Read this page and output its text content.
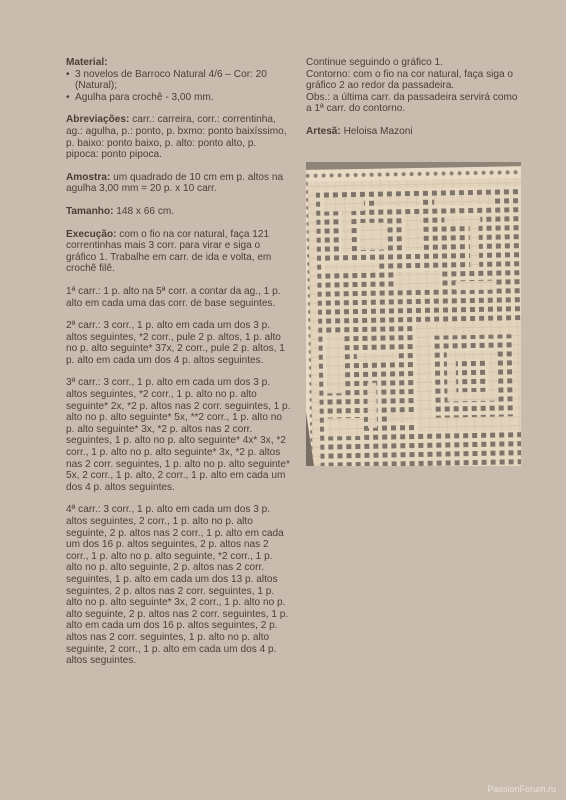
Material:
• 3 novelos de Barroco Natural 4/6 – Cor: 20 (Natural);
• Agulha para crochê - 3,00 mm.
Abreviações: carr.: carreira, corr.: correntinha, ag.: agulha, p.: ponto, p. bxmo: ponto baixíssimo, p. baixo: ponto baixo, p. alto: ponto alto, p. pipoca: ponto pipoca.
Amostra: um quadrado de 10 cm em p. altos na agulha 3,00 mm = 20 p. x 10 carr.
Tamanho: 148 x 66 cm.
Execução: com o fio na cor natural, faça 121 correntinhas mais 3 corr. para virar e siga o gráfico 1. Trabalhe em carr. de ida e volta, em crochê filê.
1ª carr.: 1 p. alto na 5ª corr. a contar da ag., 1 p. alto em cada uma das corr. de base seguintes.
2ª carr.: 3 corr., 1 p. alto em cada um dos 3 p. altos seguintes, *2 corr., pule 2 p. altos, 1 p. alto no p. alto seguinte* 37x, 2 corr., pule 2 p. altos, 1 p. alto em cada um dos 4 p. altos seguintes.
3ª carr.: 3 corr., 1 p. alto em cada um dos 3 p. altos seguintes, *2 corr., 1 p. alto no p. alto seguinte* 2x, *2 p. altos nas 2 corr. seguintes, 1 p. alto no p. alto seguinte* 5x, **2 corr., 1 p. alto no p. alto seguinte* 3x, *2 p. altos nas 2 corr. seguintes, 1 p. alto no p. alto seguinte* 4x* 3x, *2 corr., 1 p. alto no p. alto seguinte* 3x, *2 p. altos nas 2 corr. seguintes, 1 p. alto no p. alto seguinte* 5x, 2 corr., 1 p. alto, 2 corr., 1 p. alto em cada um dos 4 p. altos seguintes.
4ª carr.: 3 corr., 1 p. alto em cada um dos 3 p. altos seguintes, 2 corr., 1 p. alto no p. alto seguinte, 2 p. altos nas 2 corr., 1 p. alto em cada um dos 16 p. altos seguintes, 2 p. altos nas 2 corr., 1 p. alto no p. alto seguinte, *2 corr., 1 p. alto no p. alto seguinte, 2 p. altos nas 2 corr. seguintes, 1 p. alto em cada um dos 13 p. altos seguintes, 2 p. altos nas 2 corr. seguintes, 1 p. alto no p. alto seguinte* 3x, 2 corr., 1 p. alto no p. alto seguinte, 2 p. altos nas 2 corr. seguintes, 1 p. alto em cada um dos 16 p. altos seguintes, 2 p. altos nas 2 corr. seguintes, 1 p. alto no p. alto seguinte, 2 corr., 1 p. alto em cada um dos 4 p. altos seguintes.
Continue seguindo o gráfico 1.
Contorno: com o fio na cor natural, faça siga o gráfico 2 ao redor da passadeira.
Obs.: a última carr. da passadeira servirá como a 1ª carr. do contorno.
Artesã: Heloisa Mazoni
PassionForum.ru
